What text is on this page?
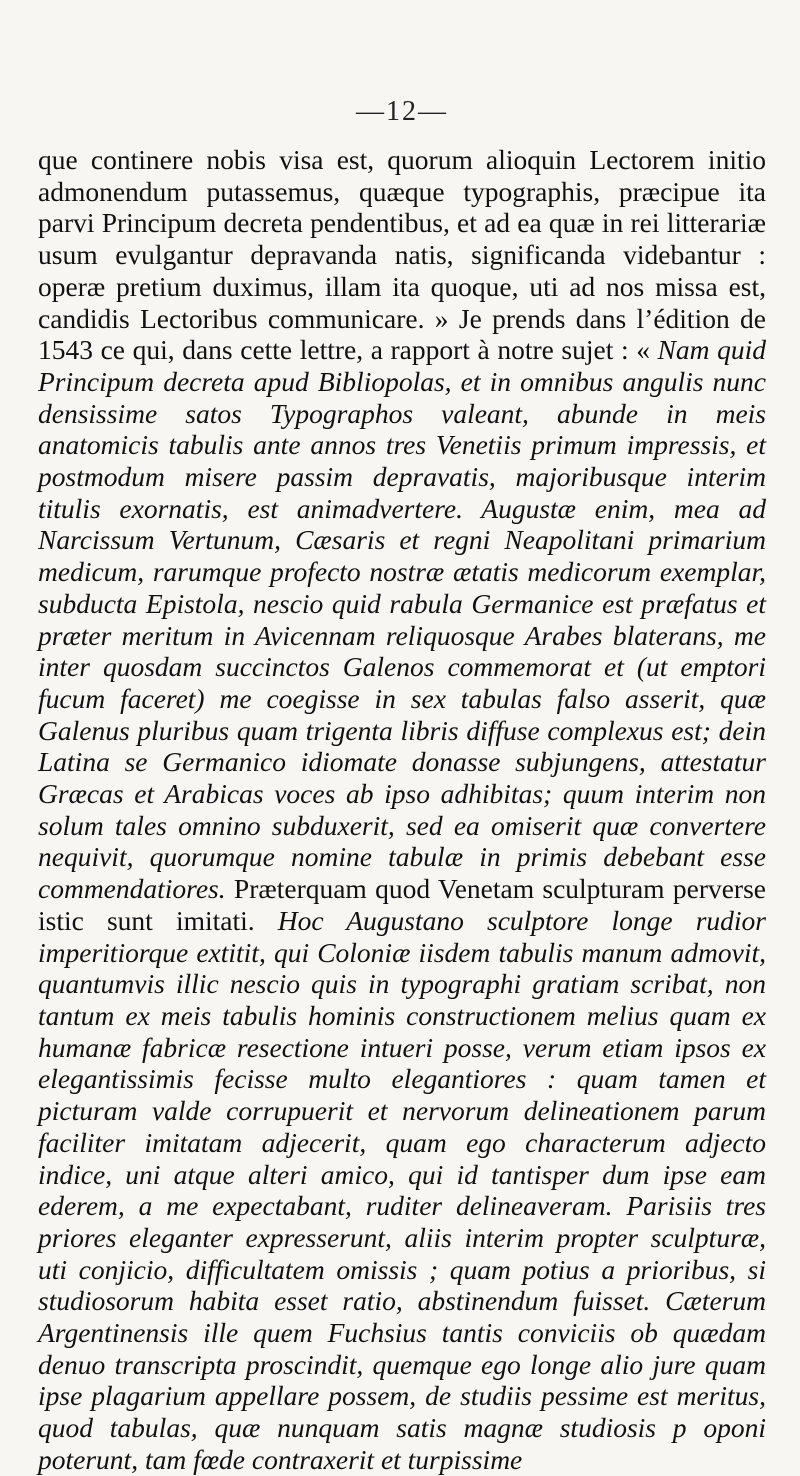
—12—
que continere nobis visa est, quorum alioquin Lectorem initio admonendum putassemus, quæque typographis, præcipue ita parvi Principum decreta pendentibus, et ad ea quæ in rei litterariæ usum evulgantur depravanda natis, significanda videbantur : operæ pretium duximus, illam ita quoque, uti ad nos missa est, candidis Lectoribus communicare. » Je prends dans l’édition de 1543 ce qui, dans cette lettre, a rapport à notre sujet : « Nam quid Principum decreta apud Bibliopolas, et in omnibus angulis nunc densissime satos Typographos valeant, abunde in meis anatomicis tabulis ante annos tres Venetiis primum impressis, et postmodum misere passim depravatis, majoribusque interim titulis exornatis, est animadvertere. Augustæ enim, mea ad Narcissum Vertunum, Cæsaris et regni Neapolitani primarium medicum, rarumque profecto nostræ ætatis medicorum exemplar, subducta Epistola, nescio quid rabula Germanice est præfatus et præter meritum in Avicennam reliquosque Arabes blaterans, me inter quosdam succinctos Galenos commemorat et (ut emptori fucum faceret) me coegisse in sex tabulas falso asserit, quæ Galenus pluribus quam trigenta libris diffuse complexus est; dein Latina se Germanico idiomate donasse subjungens, attestatur Græcas et Arabicas voces ab ipso adhibitas; quum interim non solum tales omnino subduxerit, sed ea omiserit quæ convertere nequivit, quorumque nomine tabulæ in primis debebant esse commendatiores. Præterquam quod Venetam sculpturam perverse istic sunt imitati. Hoc Augustano sculptore longe rudior imperitiorque extitit, qui Coloniæ iisdem tabulis manum admovit, quantumvis illic nescio quis in typographi gratiam scribat, non tantum ex meis tabulis hominis constructionem melius quam ex humanæ fabricæ resectione intueri posse, verum etiam ipsos ex elegantissimis fecisse multo elegantiores : quam tamen et picturam valde corrupuerit et nervorum delineationem parum faciliter imitatam adjecerit, quam ego characterum adjecto indice, uni atque alteri amico, qui id tantisper dum ipse eam ederem, a me expectabant, ruditer delineaveram. Parisiis tres priores eleganter expresserunt, aliis interim propter sculpturæ, uti conjicio, difficultatem omissis ; quam potius a prioribus, si studiosorum habita esset ratio, abstinendum fuisset. Cæterum Argentinensis ille quem Fuchsius tantis conviciis ob quædam denuo transcripta proscindit, quemque ego longe alio jure quam ipse plagarium appellare possem, de studiis pessime est meritus, quod tabulas, quæ nunquam satis magnæ studiosis p oponi poterunt, tam fœde contraxerit et turpissime
